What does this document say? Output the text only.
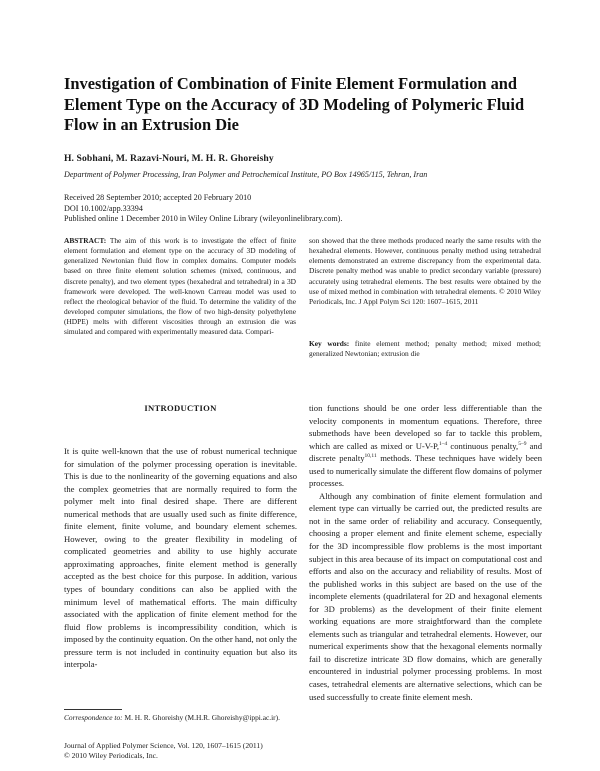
Investigation of Combination of Finite Element Formulation and Element Type on the Accuracy of 3D Modeling of Polymeric Fluid Flow in an Extrusion Die
H. Sobhani, M. Razavi-Nouri, M. H. R. Ghoreishy
Department of Polymer Processing, Iran Polymer and Petrochemical Institute, PO Box 14965/115, Tehran, Iran
Received 28 September 2010; accepted 20 February 2010
DOI 10.1002/app.33394
Published online 1 December 2010 in Wiley Online Library (wileyonlinelibrary.com).
ABSTRACT: The aim of this work is to investigate the effect of finite element formulation and element type on the accuracy of 3D modeling of generalized Newtonian fluid flow in complex domains. Computer models based on three finite element solution schemes (mixed, continuous, and discrete penalty), and two element types (hexahedral and tetrahedral) in a 3D framework were developed. The well-known Carreau model was used to reflect the rheological behavior of the fluid. To determine the validity of the developed computer simulations, the flow of two high-density polyethylene (HDPE) melts with different viscosities through an extrusion die was simulated and compared with experimentally measured data. Compari-
son showed that the three methods produced nearly the same results with the hexahedral elements. However, continuous penalty method using tetrahedral elements demonstrated an extreme discrepancy from the experimental data. Discrete penalty method was unable to predict secondary variable (pressure) accurately using tetrahedral elements. The best results were obtained by the use of mixed method in combination with tetrahedral elements. © 2010 Wiley Periodicals, Inc. J Appl Polym Sci 120: 1607–1615, 2011
Key words: finite element method; penalty method; mixed method; generalized Newtonian; extrusion die
INTRODUCTION

It is quite well-known that the use of robust numerical technique for simulation of the polymer processing operation is inevitable. This is due to the nonlinearity of the governing equations and also the complex geometries that are normally required to form the polymer melt into final desired shape. There are different numerical methods that are usually used such as finite difference, finite element, finite volume, and boundary element schemes. However, owing to the greater flexibility in modeling of complicated geometries and ability to use highly accurate approximating approaches, finite element method is generally accepted as the best choice for this purpose. In addition, various types of boundary conditions can also be applied with the minimum level of mathematical efforts. The main difficulty associated with the application of finite element method for the fluid flow problems is incompressibility condition, which is imposed by the continuity equation. On the other hand, not only the pressure term is not included in continuity equation but also its interpola-

tion functions should be one order less differentiable than the velocity components in momentum equations. Therefore, three submethods have been developed so far to tackle this problem, which are called as mixed or U-V-P,$^{1-4}$ continuous penalty,$^{5-9}$ and discrete penalty$^{10,11}$ methods. These techniques have widely been used to numerically simulate the different flow domains of polymer processes.

Although any combination of finite element formulation and element type can virtually be carried out, the predicted results are not in the same order of reliability and accuracy. Consequently, choosing a proper element and finite element scheme, especially for the 3D incompressible flow problems is the most important subject in this area because of its impact on computational cost and efforts and also on the accuracy and reliability of results. Most of the published works in this subject are based on the use of the incomplete elements (quadrilateral for 2D and hexagonal elements for 3D problems) as the development of their finite element working equations are more straightforward than the complete elements such as triangular and tetrahedral elements. However, our numerical experiments show that the hexagonal elements normally fail to discretize intricate 3D flow domains, which are generally encountered in industrial polymer processing problems. In most cases, tetrahedral elements are alternative selections, which can be used successfully to create finite element mesh.

Correspondence to: M. H. R. Ghoreishy (M.H.R. Ghoreishy@ippi.ac.ir).
Journal of Applied Polymer Science, Vol. 120, 1607–1615 (2011)
© 2010 Wiley Periodicals, Inc.
